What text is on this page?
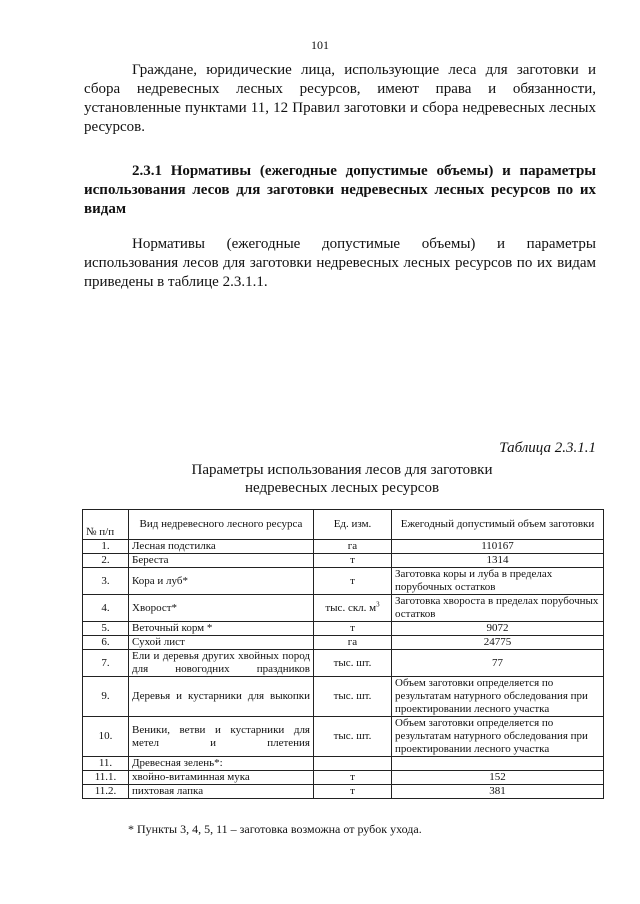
101
Граждане, юридические лица, использующие леса для заготовки и сбора недревесных лесных ресурсов, имеют права и обязанности, установленные пунктами 11, 12 Правил заготовки и сбора недревесных лесных ресурсов.
2.3.1 Нормативы (ежегодные допустимые объемы) и параметры использования лесов для заготовки недревесных лесных ресурсов по их видам
Нормативы (ежегодные допустимые объемы) и параметры использования лесов для заготовки недревесных лесных ресурсов по их видам приведены в таблице 2.3.1.1.
Таблица 2.3.1.1
Параметры использования лесов для заготовки
недревесных лесных ресурсов
№ п/п	Вид недревесного лесного ресурса	Ед. изм.	Ежегодный допустимый объем заготовки
1.	Лесная подстилка	га	110167
2.	Береста	т	1314
3.	Кора и луб*	т	Заготовка коры и луба в пределах порубочных остатков
4.	Хворост*	тыс. скл. $м^3$	Заготовка хвороста в пределах порубочных остатков
5.	Веточный корм *	т	9072
6.	Сухой лист	га	24775
7.	Ели и деревья других хвойных пород для новогодних праздников	тыс. шт.	77
9.	Деревья и кустарники для выкопки	тыс. шт.	Объем заготовки определяется по результатам натурного обследования при проектировании лесного участка
10.	Веники, ветви и кустарники для метел и плетения	тыс. шт.	Объем заготовки определяется по результатам натурного обследования при проектировании лесного участка
11.	Древесная зелень*:		
11.1.	хвойно-витаминная мука	т	152
11.2.	пихтовая лапка	т	381
* Пункты 3, 4, 5, 11 – заготовка возможна от рубок ухода.
